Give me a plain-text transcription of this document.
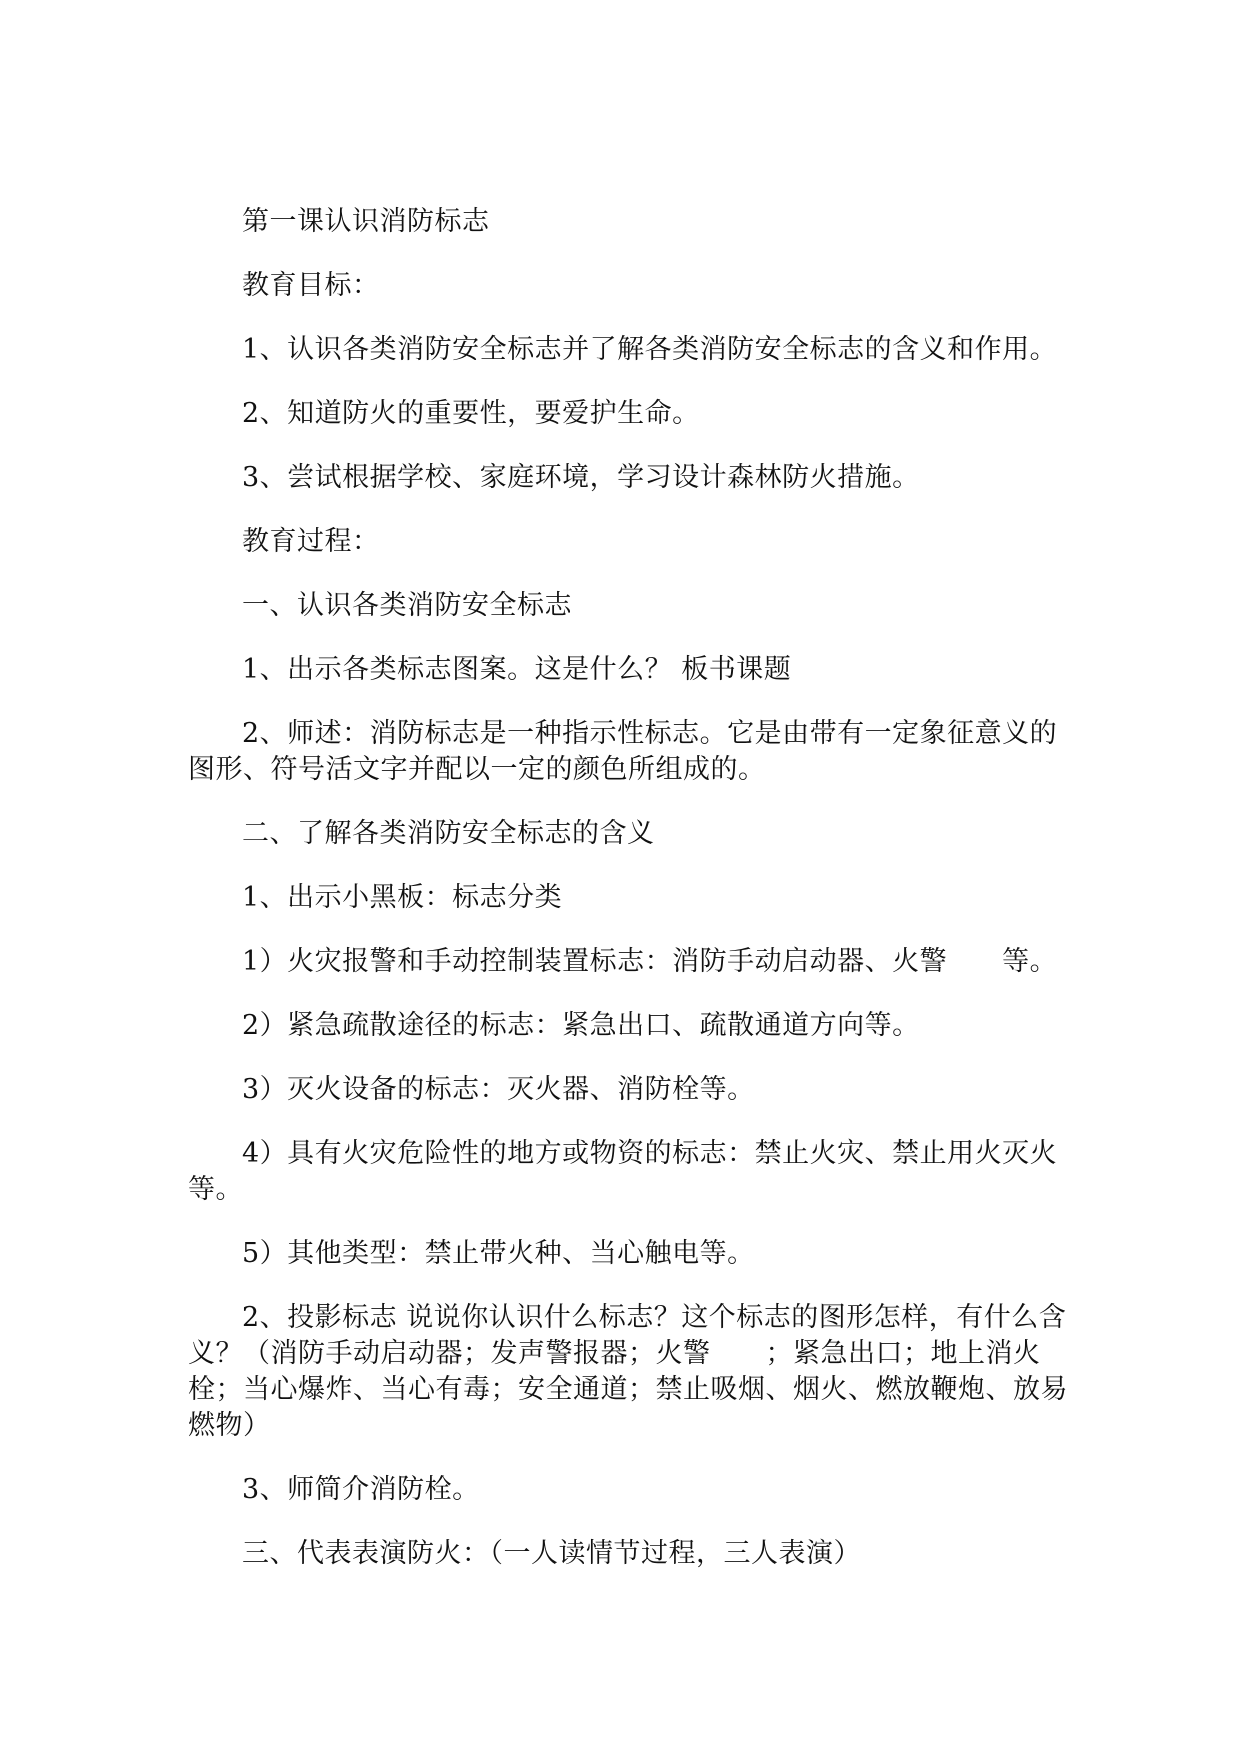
第一课认识消防标志

教育目标：

1、认识各类消防安全标志并了解各类消防安全标志的含义和作用。

2、知道防火的重要性，要爱护生命。

3、尝试根据学校、家庭环境，学习设计森林防火措施。

教育过程：

一、认识各类消防安全标志

1、出示各类标志图案。这是什么？ 板书课题

2、师述：消防标志是一种指示性标志。它是由带有一定象征意义的图形、符号活文字并配以一定的颜色所组成的。

二、了解各类消防安全标志的含义

1、出示小黑板：标志分类

1）火灾报警和手动控制装置标志：消防手动启动器、火警　　等。

2）紧急疏散途径的标志：紧急出口、疏散通道方向等。

3）灭火设备的标志：灭火器、消防栓等。

4）具有火灾危险性的地方或物资的标志：禁止火灾、禁止用火灭火等。

5）其他类型：禁止带火种、当心触电等。

2、投影标志 说说你认识什么标志？这个标志的图形怎样，有什么含义？（消防手动启动器；发声警报器；火警　　；紧急出口；地上消火栓；当心爆炸、当心有毒；安全通道；禁止吸烟、烟火、燃放鞭炮、放易燃物）

3、师简介消防栓。

三、代表表演防火：（一人读情节过程，三人表演）
